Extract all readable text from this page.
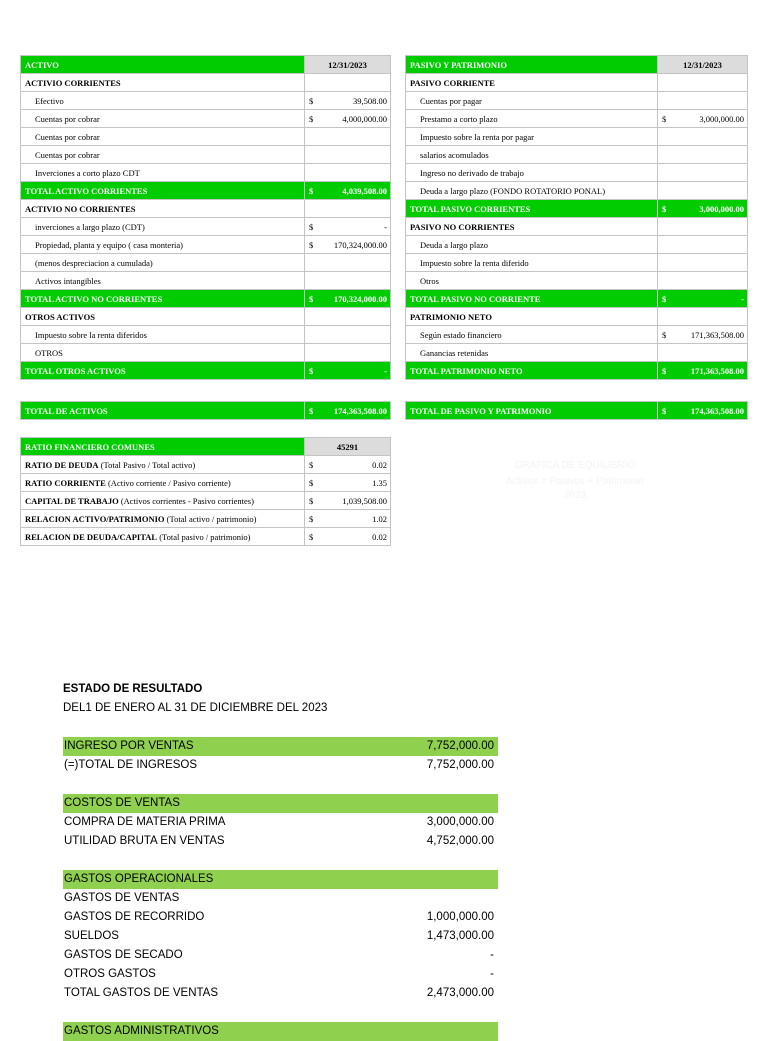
ACTIVO	12/31/2023
ACTIVIO CORRIENTES	

Efectivo	$ 39,508.00

Cuentas por cobrar	$ 4,000,000.00

Cuentas por cobrar	

Cuentas por cobrar	

Inverciones a corto plazo CDT	

TOTAL ACTIVO CORRIENTES	$ 4,039,508.00

ACTIVIO NO CORRIENTES	

inverciones a largo plazo (CDT)	$ -

Propiedad, planta y equipo ( casa monteria)	$ 170,324,000.00

(menos despreciacion a cumulada)	

Activos intangibles	

TOTAL ACTIVO NO CORRIENTES	$ 170,324,000.00

OTROS ACTIVOS	

Impuesto sobre la renta diferidos	

OTROS	

TOTAL OTROS ACTIVOS	$ -
TOTAL DE ACTIVOS	$ 174,363,508.00
PASIVO Y PATRIMONIO	12/31/2023
PASIVO CORRIENTE	

Cuentas por pagar	

Prestamo a corto plazo	$ 3,000,000.00

Impuesto sobre la renta por pagar	

salarios acomulados	

Ingreso no derivado de trabajo	

Deuda a largo plazo (FONDO ROTATORIO PONAL)	

TOTAL PASIVO CORRIENTES	$ 3,000,000.00

PASIVO NO CORRIENTES	

Deuda a largo plazo	

Impuesto sobre la renta diferido	

Otros	

TOTAL PASIVO NO CORRIENTE	$ -

PATRIMONIO NETO	

Según estado financiero	$ 171,363,508.00

Ganancias retenidas	

TOTAL PATRIMONIO NETO	$ 171,363,508.00
TOTAL DE PASIVO Y PATRIMONIO	$	174,363,508.00
RATIO FINANCIERO COMUNES	45291
RATIO DE DEUDA (Total Pasivo / Total activo)	$ 0.02

RATIO CORRIENTE (Activo corriente / Pasivo corriente)	$ 1.35

CAPITAL DE TRABAJO (Activos corrientes - Pasivo corrientes)	$ 1,039,508.00

RELACION ACTIVO/PATRIMONIO (Total activo / patrimonio)	$ 1.02

RELACION DE DEUDA/CAPITAL (Total pasivo / patrimonio)	$ 0.02
GRAFICA DE EQUILIBRIO
Activos = Pasivos + Patrimonio
2023
ESTADO DE RESULTADO
DEL1 DE ENERO AL 31 DE DICIEMBRE DEL 2023
INGRESO POR VENTAS	7,752,000.00
(=)TOTAL DE INGRESOS	7,752,000.00
COSTOS DE VENTAS
COMPRA DE MATERIA PRIMA	3,000,000.00
UTILIDAD BRUTA EN VENTAS	4,752,000.00
GASTOS OPERACIONALES
GASTOS DE VENTAS
GASTOS DE RECORRIDO	1,000,000.00
SUELDOS	1,473,000.00
GASTOS DE SECADO	-
OTROS GASTOS	-
TOTAL GASTOS DE VENTAS	2,473,000.00
GASTOS ADMINISTRATIVOS
